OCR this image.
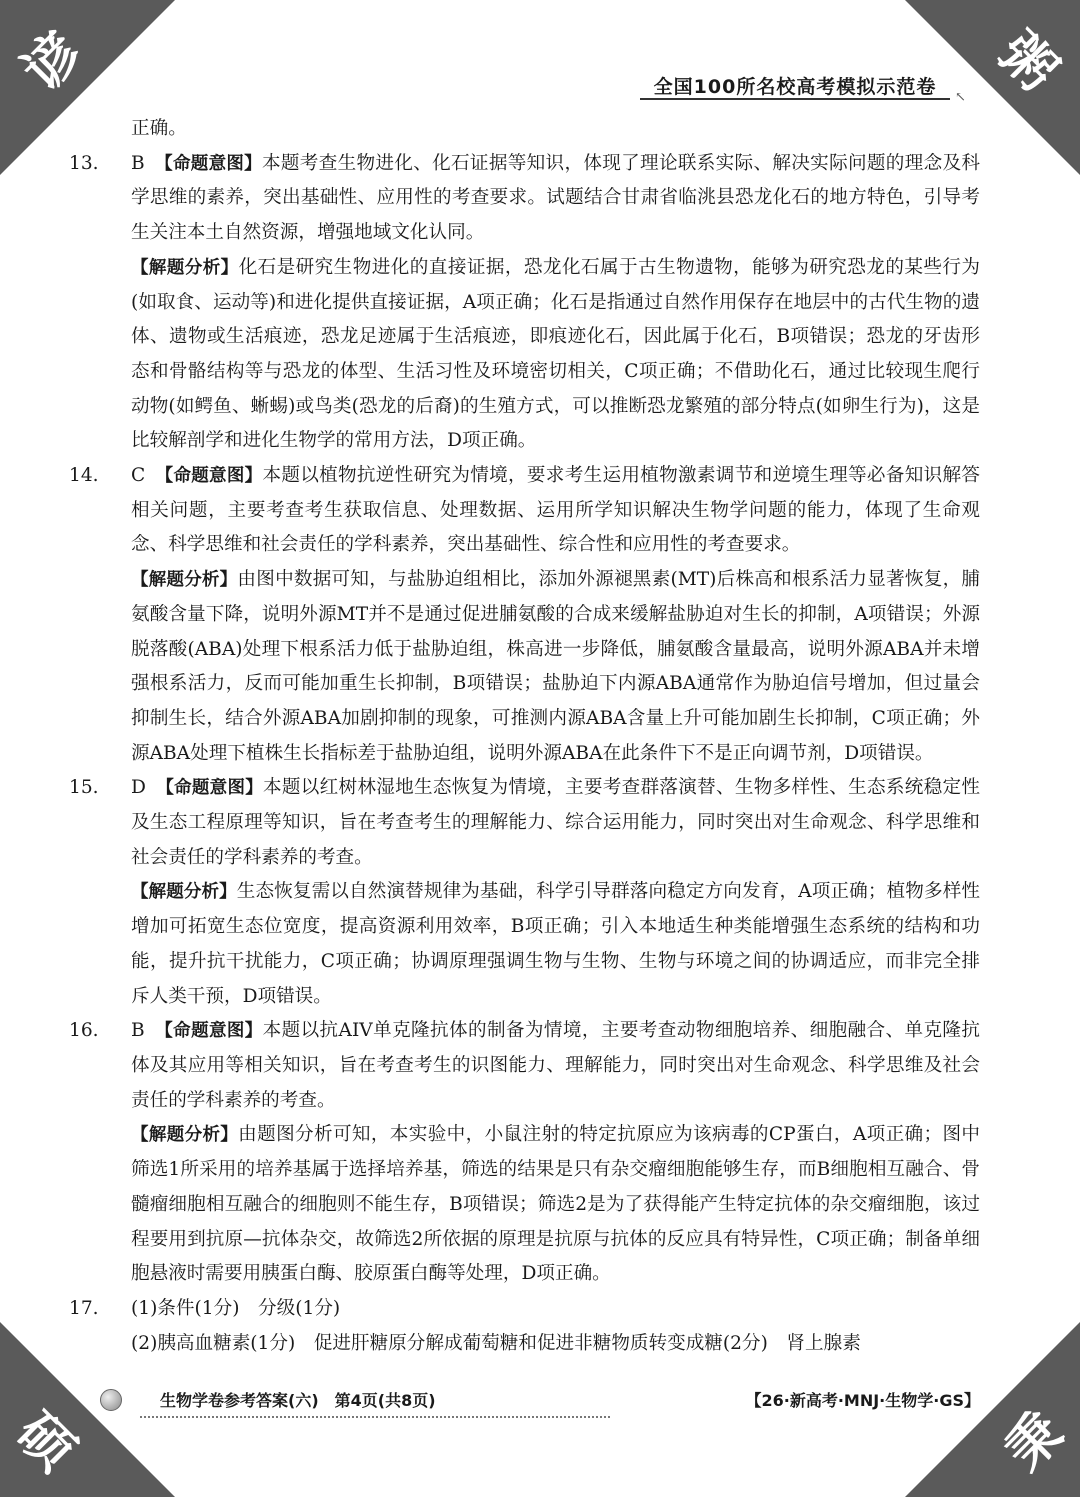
谚	粥
硕	秉
全国100所名校高考模拟示范卷	↖

正确。

13. B　 【命题意图】本题考查生物进化、化石证据等知识，体现了理论联系实际、解决实际问题的理念及科学思维的素养，突出基础性、应用性的考查要求。试题结合甘肃省临洮县恐龙化石的地方特色，引导考生关注本土自然资源，增强地域文化认同。

【解题分析】化石是研究生物进化的直接证据，恐龙化石属于古生物遗物，能够为研究恐龙的某些行为(如取食、运动等)和进化提供直接证据，A项正确；化石是指通过自然作用保存在地层中的古代生物的遗体、遗物或生活痕迹，恐龙足迹属于生活痕迹，即痕迹化石，因此属于化石，B项错误；恐龙的牙齿形态和骨骼结构等与恐龙的体型、生活习性及环境密切相关，C项正确；不借助化石，通过比较现生爬行动物(如鳄鱼、蜥蜴)或鸟类(恐龙的后裔)的生殖方式，可以推断恐龙繁殖的部分特点(如卵生行为)，这是比较解剖学和进化生物学的常用方法，D项正确。

14. C　 【命题意图】本题以植物抗逆性研究为情境，要求考生运用植物激素调节和逆境生理等必备知识解答相关问题，主要考查考生获取信息、处理数据、运用所学知识解决生物学问题的能力，体现了生命观念、科学思维和社会责任的学科素养，突出基础性、综合性和应用性的考查要求。

【解题分析】由图中数据可知，与盐胁迫组相比，添加外源褪黑素(MT)后株高和根系活力显著恢复，脯氨酸含量下降，说明外源MT并不是通过促进脯氨酸的合成来缓解盐胁迫对生长的抑制，A项错误；外源脱落酸(ABA)处理下根系活力低于盐胁迫组，株高进一步降低，脯氨酸含量最高，说明外源ABA并未增强根系活力，反而可能加重生长抑制，B项错误；盐胁迫下内源ABA通常作为胁迫信号增加，但过量会抑制生长，结合外源ABA加剧抑制的现象，可推测内源ABA含量上升可能加剧生长抑制，C项正确；外源ABA处理下植株生长指标差于盐胁迫组，说明外源ABA在此条件下不是正向调节剂，D项错误。

15. D　 【命题意图】本题以红树林湿地生态恢复为情境，主要考查群落演替、生物多样性、生态系统稳定性及生态工程原理等知识，旨在考查考生的理解能力、综合运用能力，同时突出对生命观念、科学思维和社会责任的学科素养的考查。

【解题分析】生态恢复需以自然演替规律为基础，科学引导群落向稳定方向发育，A项正确；植物多样性增加可拓宽生态位宽度，提高资源利用效率，B项正确；引入本地适生种类能增强生态系统的结构和功能，提升抗干扰能力，C项正确；协调原理强调生物与生物、生物与环境之间的协调适应，而非完全排斥人类干预，D项错误。

16. B　 【命题意图】本题以抗AIV单克隆抗体的制备为情境，主要考查动物细胞培养、细胞融合、单克隆抗体及其应用等相关知识，旨在考查考生的识图能力、理解能力，同时突出对生命观念、科学思维及社会责任的学科素养的考查。

【解题分析】由题图分析可知，本实验中，小鼠注射的特定抗原应为该病毒的CP蛋白，A项正确；图中筛选1所采用的培养基属于选择培养基，筛选的结果是只有杂交瘤细胞能够生存，而B细胞相互融合、骨髓瘤细胞相互融合的细胞则不能生存，B项错误；筛选2是为了获得能产生特定抗体的杂交瘤细胞，该过程要用到抗原—抗体杂交，故筛选2所依据的原理是抗原与抗体的反应具有特异性，C项正确；制备单细胞悬液时需要用胰蛋白酶、胶原蛋白酶等处理，D项正确。

17. (1)条件(1分)　分级(1分)

(2)胰高血糖素(1分)　促进肝糖原分解成葡萄糖和促进非糖物质转变成糖(2分)　肾上腺素

生物学卷参考答案(六)　第4页(共8页)	【26·新高考·MNJ·生物学·GS】
